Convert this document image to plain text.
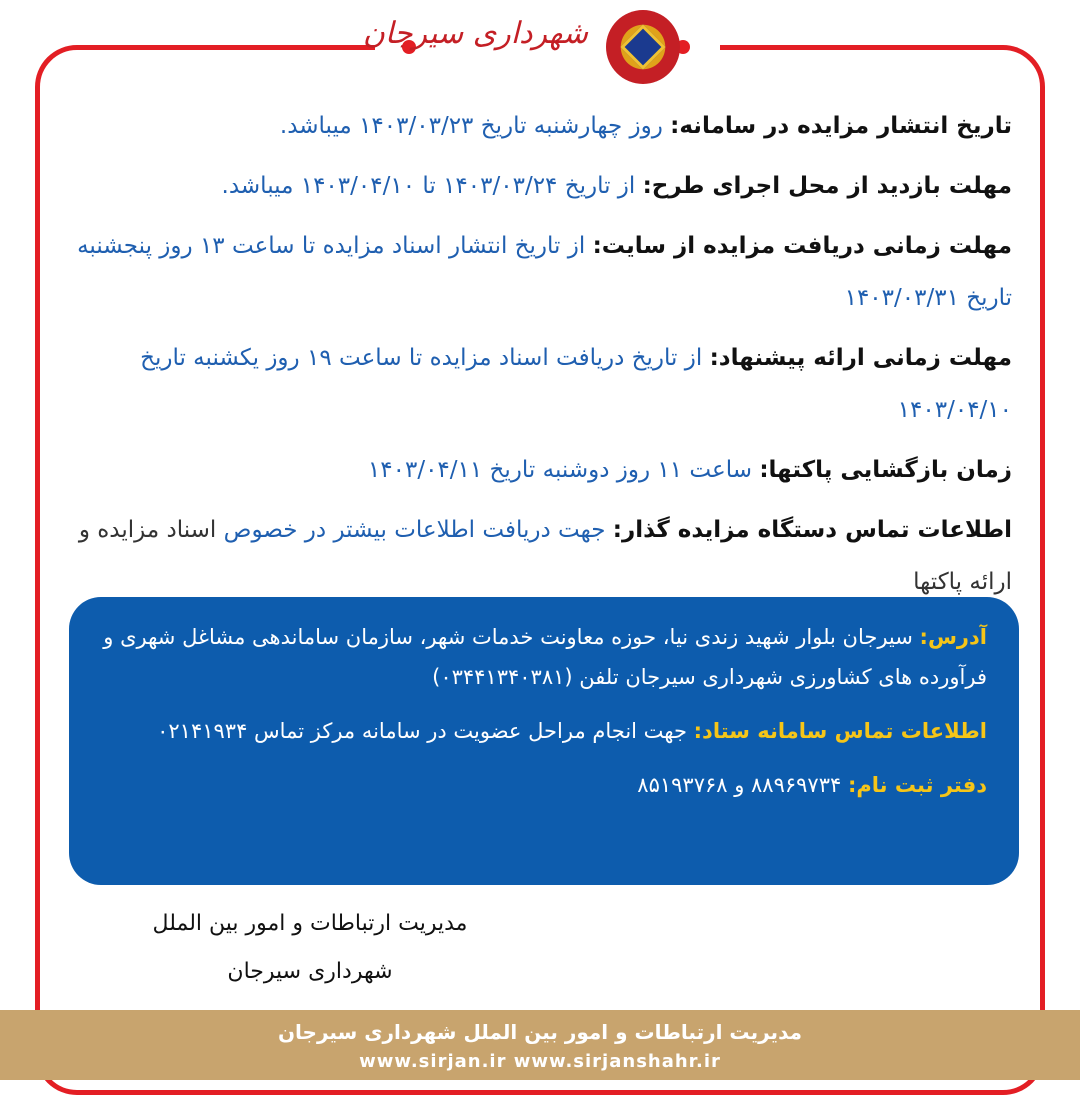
شهرداری سیرجان
تاریخ انتشار مزایده در سامانه: روز چهارشنبه تاریخ ۱۴۰۳/۰۳/۲۳ میباشد.
مهلت بازدید از محل اجرای طرح: از تاریخ ۱۴۰۳/۰۳/۲۴ تا ۱۴۰۳/۰۴/۱۰ میباشد.
مهلت زمانی دریافت مزایده از سایت: از تاریخ انتشار اسناد مزایده تا ساعت ۱۳ روز پنجشنبه تاریخ ۱۴۰۳/۰۳/۳۱
مهلت زمانی ارائه پیشنهاد: از تاریخ دریافت اسناد مزایده تا ساعت ۱۹ روز یکشنبه تاریخ ۱۴۰۳/۰۴/۱۰
زمان بازگشایی پاکتها: ساعت ۱۱ روز دوشنبه تاریخ ۱۴۰۳/۰۴/۱۱
اطلاعات تماس دستگاه مزایده گذار: جهت دریافت اطلاعات بیشتر در خصوص اسناد مزایده و ارائه پاکتها
آدرس: سیرجان بلوار شهید زندی نیا، حوزه معاونت خدمات شهر، سازمان ساماندهی مشاغل شهری و فرآورده های کشاورزی شهرداری سیرجان تلفن (۰۳۴۴۱۳۴۰۳۸۱)
اطلاعات تماس سامانه ستاد: جهت انجام مراحل عضویت در سامانه مرکز تماس ۰۲۱۴۱۹۳۴
دفتر ثبت نام: ۸۸۹۶۹۷۳۴ و ۸۵۱۹۳۷۶۸
مدیریت ارتباطات و امور بین الملل
شهرداری سیرجان
مدیریت ارتباطات و امور بین الملل شهرداری سیرجان
www.sirjan.ir www.sirjanshahr.ir
